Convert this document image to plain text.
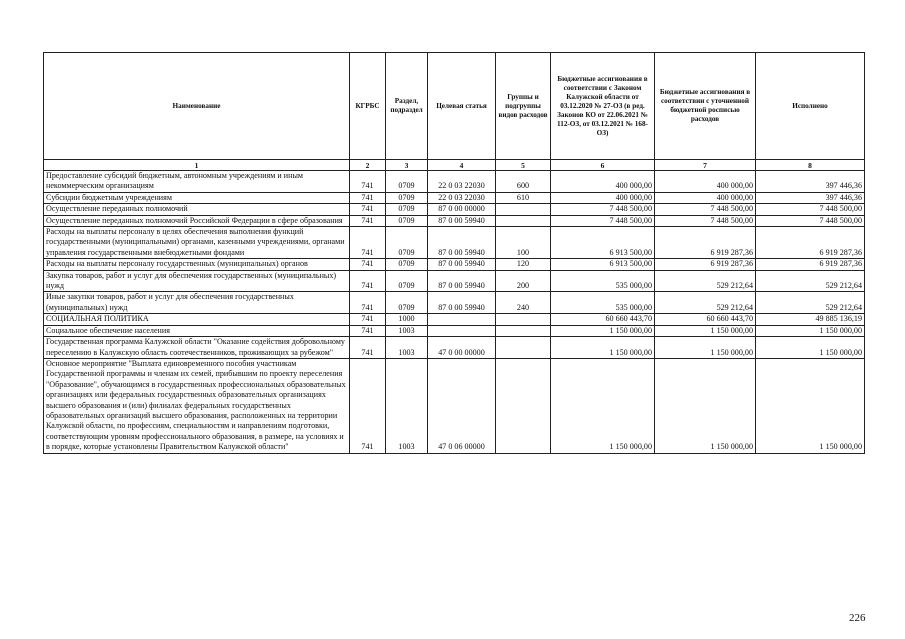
Наименование	КГРБС	Раздел, подраздел	Целевая статья	Группы и подгруппы видов расходов	Бюджетные ассигнования в соответствии с Законом Калужской области от 03.12.2020 № 27-ОЗ (в ред. Законов КО от 22.06.2021 № 112-ОЗ, от 03.12.2021 № 168-ОЗ)	Бюджетные ассигнования в соответствии с уточненной бюджетной росписью расходов	Исполнено
1	2	3	4	5	6	7	8
Предоставление субсидий бюджетным, автономным учреждениям и иным некоммерческим организациям	741	0709	22 0 03 22030	600	400 000,00	400 000,00	397 446,36
Субсидии бюджетным учреждениям	741	0709	22 0 03 22030	610	400 000,00	400 000,00	397 446,36
Осуществление переданных полномочий	741	0709	87 0 00 00000		7 448 500,00	7 448 500,00	7 448 500,00
Осуществление переданных полномочий Российской Федерации в сфере образования	741	0709	87 0 00 59940		7 448 500,00	7 448 500,00	7 448 500,00
Расходы на выплаты персоналу в целях обеспечения выполнения функций государственными (муниципальными) органами, казенными учреждениями, органами управления государственными внебюджетными фондами	741	0709	87 0 00 59940	100	6 913 500,00	6 919 287,36	6 919 287,36
Расходы на выплаты персоналу государственных (муниципальных) органов	741	0709	87 0 00 59940	120	6 913 500,00	6 919 287,36	6 919 287,36
Закупка товаров, работ и услуг для обеспечения государственных (муниципальных) нужд	741	0709	87 0 00 59940	200	535 000,00	529 212,64	529 212,64
Иные закупки товаров, работ и услуг для обеспечения государственных (муниципальных) нужд	741	0709	87 0 00 59940	240	535 000,00	529 212,64	529 212,64
СОЦИАЛЬНАЯ ПОЛИТИКА	741	1000			60 660 443,70	60 660 443,70	49 885 136,19
Социальное обеспечение населения	741	1003			1 150 000,00	1 150 000,00	1 150 000,00
Государственная программа Калужской области "Оказание содействия добровольному переселению в Калужскую область соотечественников, проживающих за рубежом"	741	1003	47 0 00 00000		1 150 000,00	1 150 000,00	1 150 000,00
Основное мероприятие "Выплата единовременного пособия участникам Государственной программы и членам их семей, прибывшим по проекту переселения "Образование", обучающимся в государственных профессиональных образовательных организациях или федеральных государственных образовательных организациях высшего образования и (или) филиалах федеральных государственных образовательных организаций высшего образования, расположенных на территории Калужской области, по профессиям, специальностям и направлениям подготовки, соответствующим уровням профессионального образования, в размере, на условиях и в порядке, которые установлены Правительством Калужской области"	741	1003	47 0 06 00000		1 150 000,00	1 150 000,00	1 150 000,00
226
